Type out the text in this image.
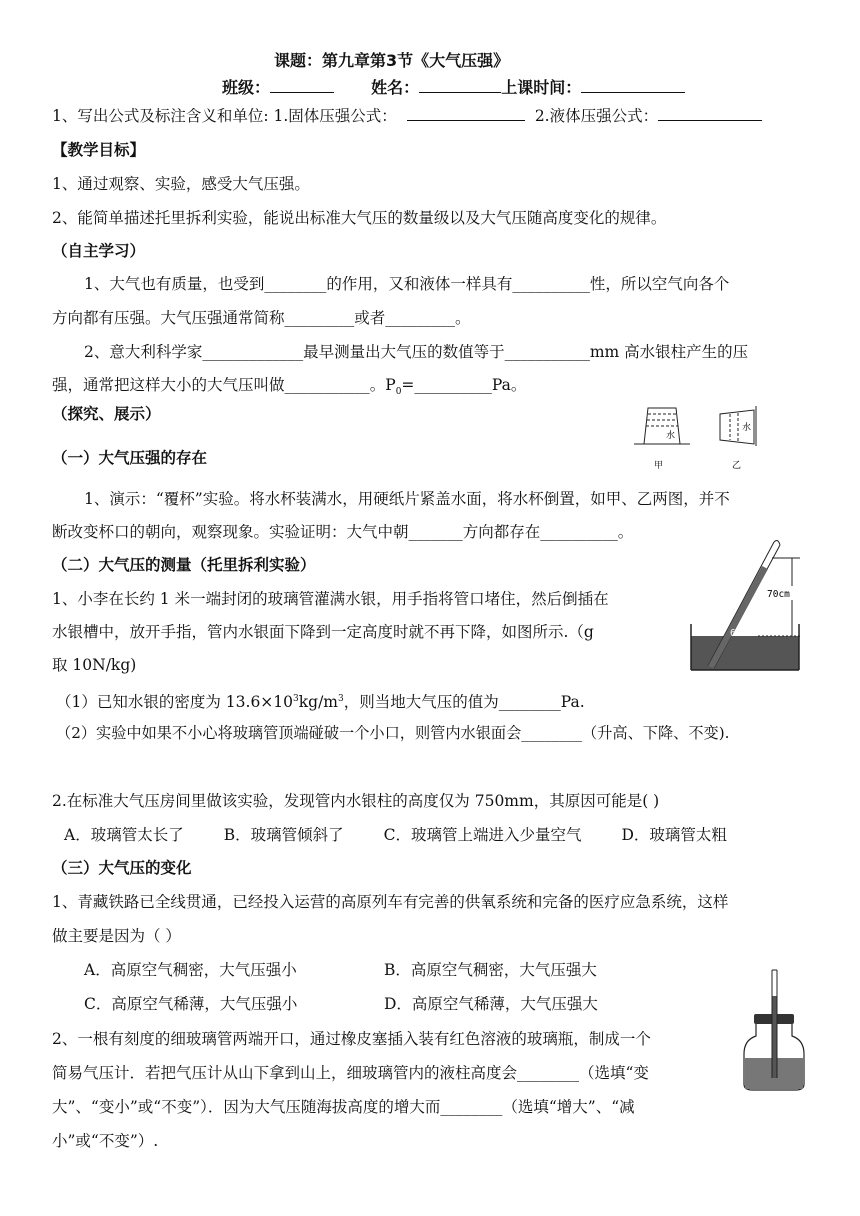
课题：第九章第3节《大气压强》
班级：	姓名：	上课时间：
1、写出公式及标注含义和单位: 1.固体压强公式：	2.液体压强公式：
【教学目标】
1、通过观察、实验，感受大气压强。
2、能简单描述托里拆利实验，能说出标准大气压的数量级以及大气压随高度变化的规律。
（自主学习）
1、大气也有质量，也受到________的作用，又和液体一样具有__________性，所以空气向各个
方向都有压强。大气压强通常简称_________或者_________。
2、意大利科学家_____________最早测量出大气压的数值等于___________mm 高水银柱产生的压
强，通常把这样大小的大气压叫做___________。$P_0=\_\_\_\_\_\_\_\_\_\_Pa$。
（探究、展示）
水
水
甲	乙
（一）大气压强的存在
1、演示：“覆杯”实验。将水杯装满水，用硬纸片紧盖水面，将水杯倒置，如甲、乙两图，并不
断改变杯口的朝向，观察现象。实验证明：大气中朝_______方向都存在__________。
（二）大气压的测量（托里拆利实验）
1、小李在长约 1 米一端封闭的玻璃管灌满水银，用手指将管口堵住，然后倒插在
水银槽中，放开手指，管内水银面下降到一定高度时就不再下降，如图所示.（g
取 10N/kg)
70cm
60°
（1）已知水银的密度为 $13.6\times 10^3kg/m^3$，则当地大气压的值为________Pa.
（2）实验中如果不小心将玻璃管顶端碰破一个小口，则管内水银面会________（升高、下降、不变).
2.在标准大气压房间里做该实验，发现管内水银柱的高度仅为 750mm，其原因可能是( )
A．玻璃管太长了	B．玻璃管倾斜了	C．玻璃管上端进入少量空气	D．玻璃管太粗
（三）大气压的变化
1、青藏铁路已全线贯通，已经投入运营的高原列车有完善的供氧系统和完备的医疗应急系统，这样
做主要是因为（ ）
A．高原空气稠密，大气压强小	B．高原空气稠密，大气压强大
C．高原空气稀薄，大气压强小	D．高原空气稀薄，大气压强大
2、一根有刻度的细玻璃管两端开口，通过橡皮塞插入装有红色溶液的玻璃瓶，制成一个
简易气压计．若把气压计从山下拿到山上，细玻璃管内的液柱高度会________（选填“变
大”、“变小”或“不变”）．因为大气压随海拔高度的增大而________（选填“增大”、“减
小”或“不变”）.
